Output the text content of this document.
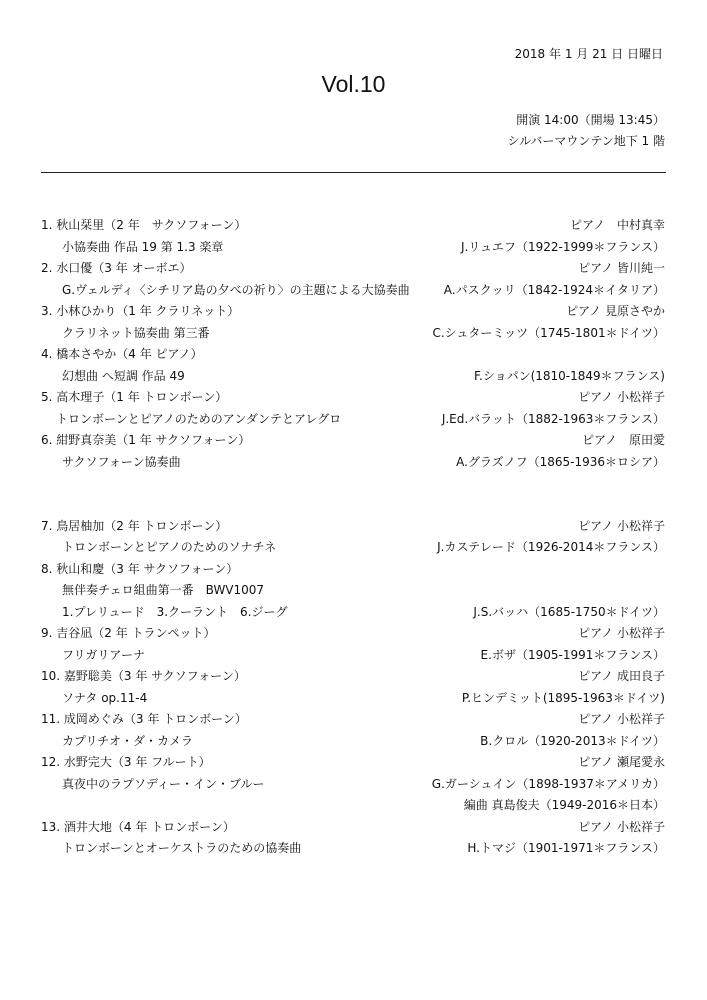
2018 年 1 月 21 日 日曜日
Vol.10
開演 14:00（開場 13:45）
シルバーマウンテン地下 1 階
1. 秋山栞里（2 年　サクソフォーン）	ピアノ　中村真幸
小協奏曲 作品 19 第 1.3 楽章	J.リュエフ（1922-1999＊フランス）
2. 水口優（3 年 オーボエ）	ピアノ 皆川純一
G.ヴェルディ〈シチリア島の夕べの祈り〉の主題による大協奏曲	A.パスクッリ（1842-1924＊イタリア）
3. 小林ひかり（1 年 クラリネット）	ピアノ 見原さやか
クラリネット協奏曲 第三番	C.シュターミッツ（1745-1801＊ドイツ）
4. 橋本さやか（4 年 ピアノ）
幻想曲 へ短調 作品 49	F.ショパン(1810-1849＊フランス)
5. 高木理子（1 年 トロンボーン）	ピアノ 小松祥子
トロンボーンとピアノのためのアンダンテとアレグロ	J.Ed.バラット（1882-1963＊フランス）
6. 紺野真奈美（1 年 サクソフォーン）	ピアノ　原田愛
サクソフォーン協奏曲	A.グラズノフ（1865-1936＊ロシア）
7. 鳥居柚加（2 年 トロンボーン）	ピアノ 小松祥子
トロンボーンとピアノのためのソナチネ	J.カステレード（1926-2014＊フランス）
8. 秋山和慶（3 年 サクソフォーン）
無伴奏チェロ組曲第一番　BWV1007
1.プレリュード　3.クーラント　6.ジーグ	J.S.バッハ（1685-1750＊ドイツ）
9. 吉谷凪（2 年 トランペット）	ピアノ 小松祥子
フリガリアーナ	E.ボザ（1905-1991＊フランス）
10. 嘉野聡美（3 年 サクソフォーン）	ピアノ 成田良子
ソナタ op.11-4	P.ヒンデミット(1895-1963＊ドイツ)
11. 成岡めぐみ（3 年 トロンボーン）	ピアノ 小松祥子
カプリチオ・ダ・カメラ	B.クロル（1920-2013＊ドイツ）
12. 水野完大（3 年 フルート）	ピアノ 瀬尾愛永
真夜中のラプソディー・イン・ブルー	G.ガーシュイン（1898-1937＊アメリカ）
編曲 真島俊夫（1949-2016＊日本）
13. 酒井大地（4 年 トロンボーン）	ピアノ 小松祥子
トロンボーンとオーケストラのための協奏曲	H.トマジ（1901-1971＊フランス）
